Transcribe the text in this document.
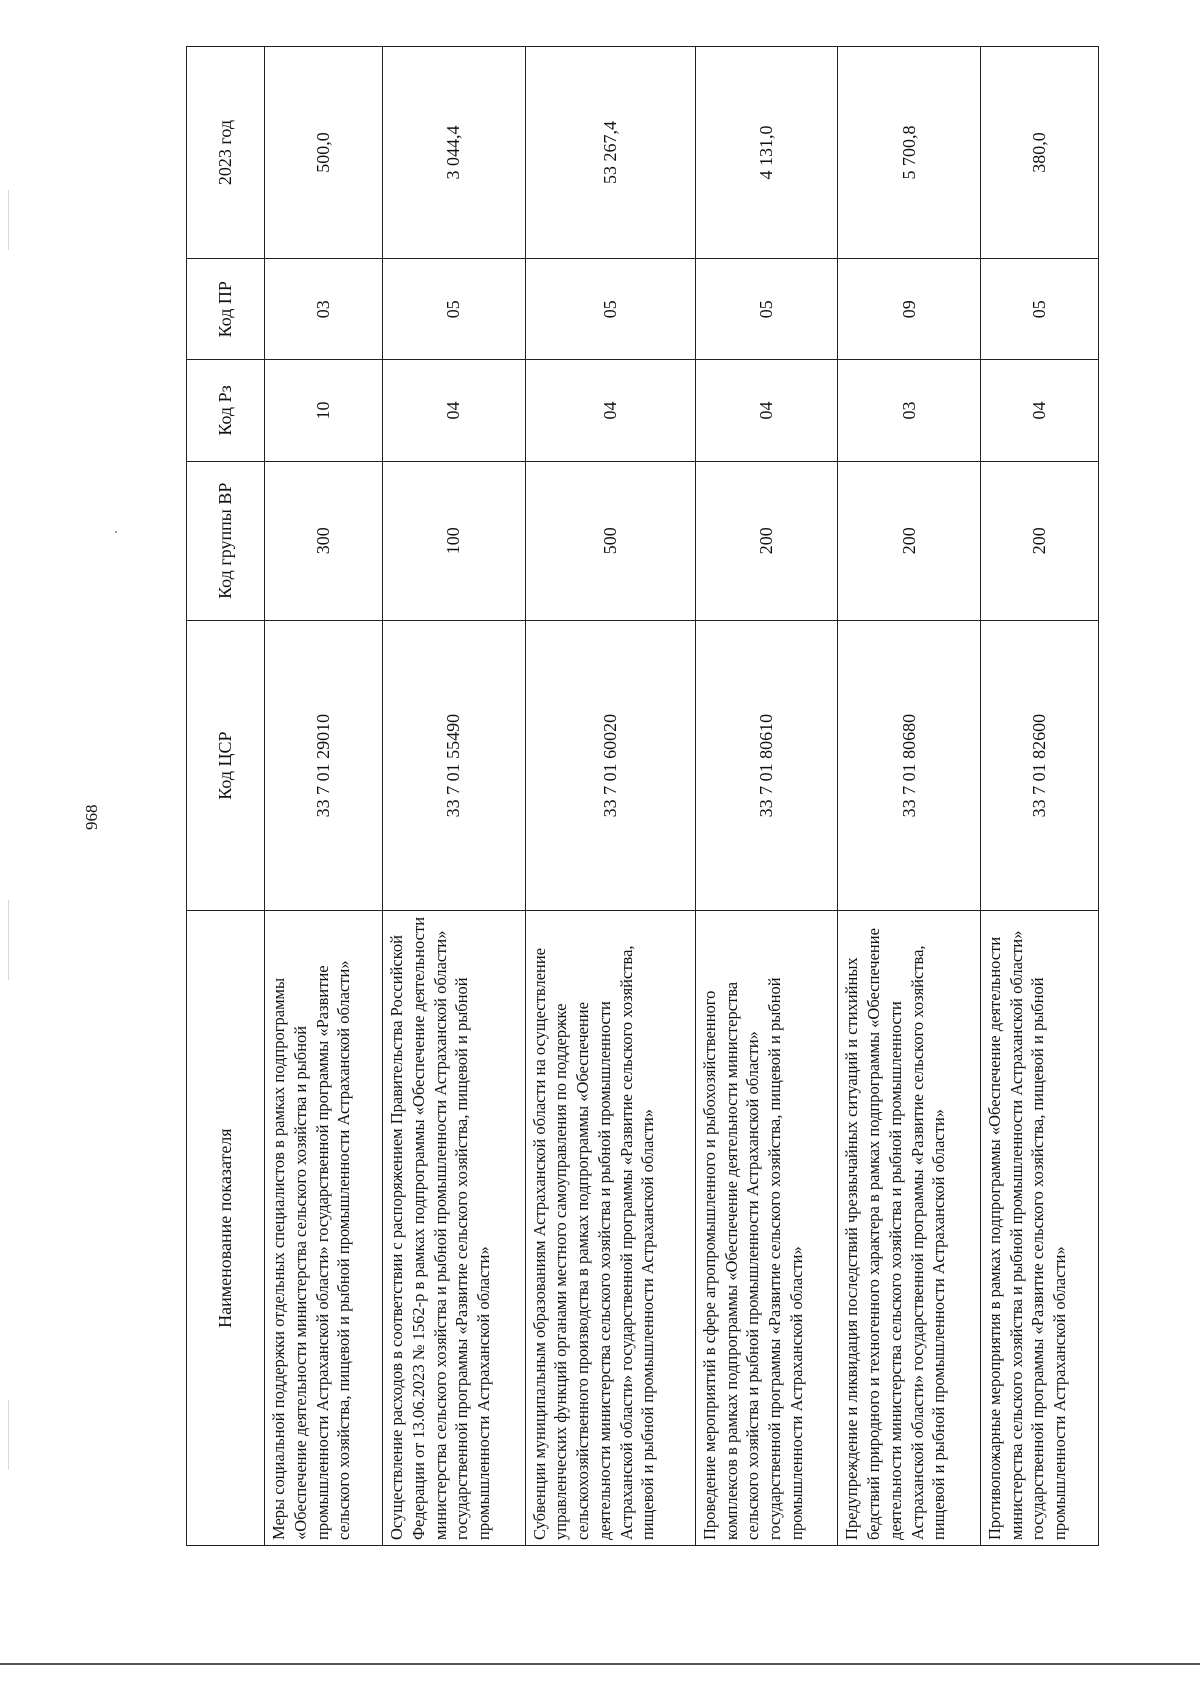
968
Наименование показателя	Код ЦСР	Код группы ВР	Код Рз	Код ПР	2023 год
Меры социальной поддержки отдельных специалистов в рамках подпрограммы «Обеспечение деятельности министерства сельского хозяйства и рыбной промышленности Астраханской области» государственной программы «Развитие сельского хозяйства, пищевой и рыбной промышленности Астраханской области»	33 7 01 29010	300	10	03	500,0
Осуществление расходов в соответствии с распоряжением Правительства Российской Федерации от 13.06.2023 № 1562-р в рамках подпрограммы «Обеспечение деятельности министерства сельского хозяйства и рыбной промышленности Астраханской области» государственной программы «Развитие сельского хозяйства, пищевой и рыбной промышленности Астраханской области»	33 7 01 55490	100	04	05	3 044,4
Субвенции муниципальным образованиям Астраханской области на осуществление управленческих функций органами местного самоуправления по поддержке сельскохозяйственного производства в рамках подпрограммы «Обеспечение деятельности министерства сельского хозяйства и рыбной промышленности Астраханской области» государственной программы «Развитие сельского хозяйства, пищевой и рыбной промышленности Астраханской области»	33 7 01 60020	500	04	05	53 267,4
Проведение мероприятий в сфере агропромышленного и рыбохозяйственного комплексов в рамках подпрограммы «Обеспечение деятельности министерства сельского хозяйства и рыбной промышленности Астраханской области» государственной программы «Развитие сельского хозяйства, пищевой и рыбной промышленности Астраханской области»	33 7 01 80610	200	04	05	4 131,0
Предупреждение и ликвидация последствий чрезвычайных ситуаций и стихийных бедствий природного и техногенного характера в рамках подпрограммы «Обеспечение деятельности министерства сельского хозяйства и рыбной промышленности Астраханской области» государственной программы «Развитие сельского хозяйства, пищевой и рыбной промышленности Астраханской области»	33 7 01 80680	200	03	09	5 700,8
Противопожарные мероприятия в рамках подпрограммы «Обеспечение деятельности министерства сельского хозяйства и рыбной промышленности Астраханской области» государственной программы «Развитие сельского хозяйства, пищевой и рыбной промышленности Астраханской области»	33 7 01 82600	200	04	05	380,0
